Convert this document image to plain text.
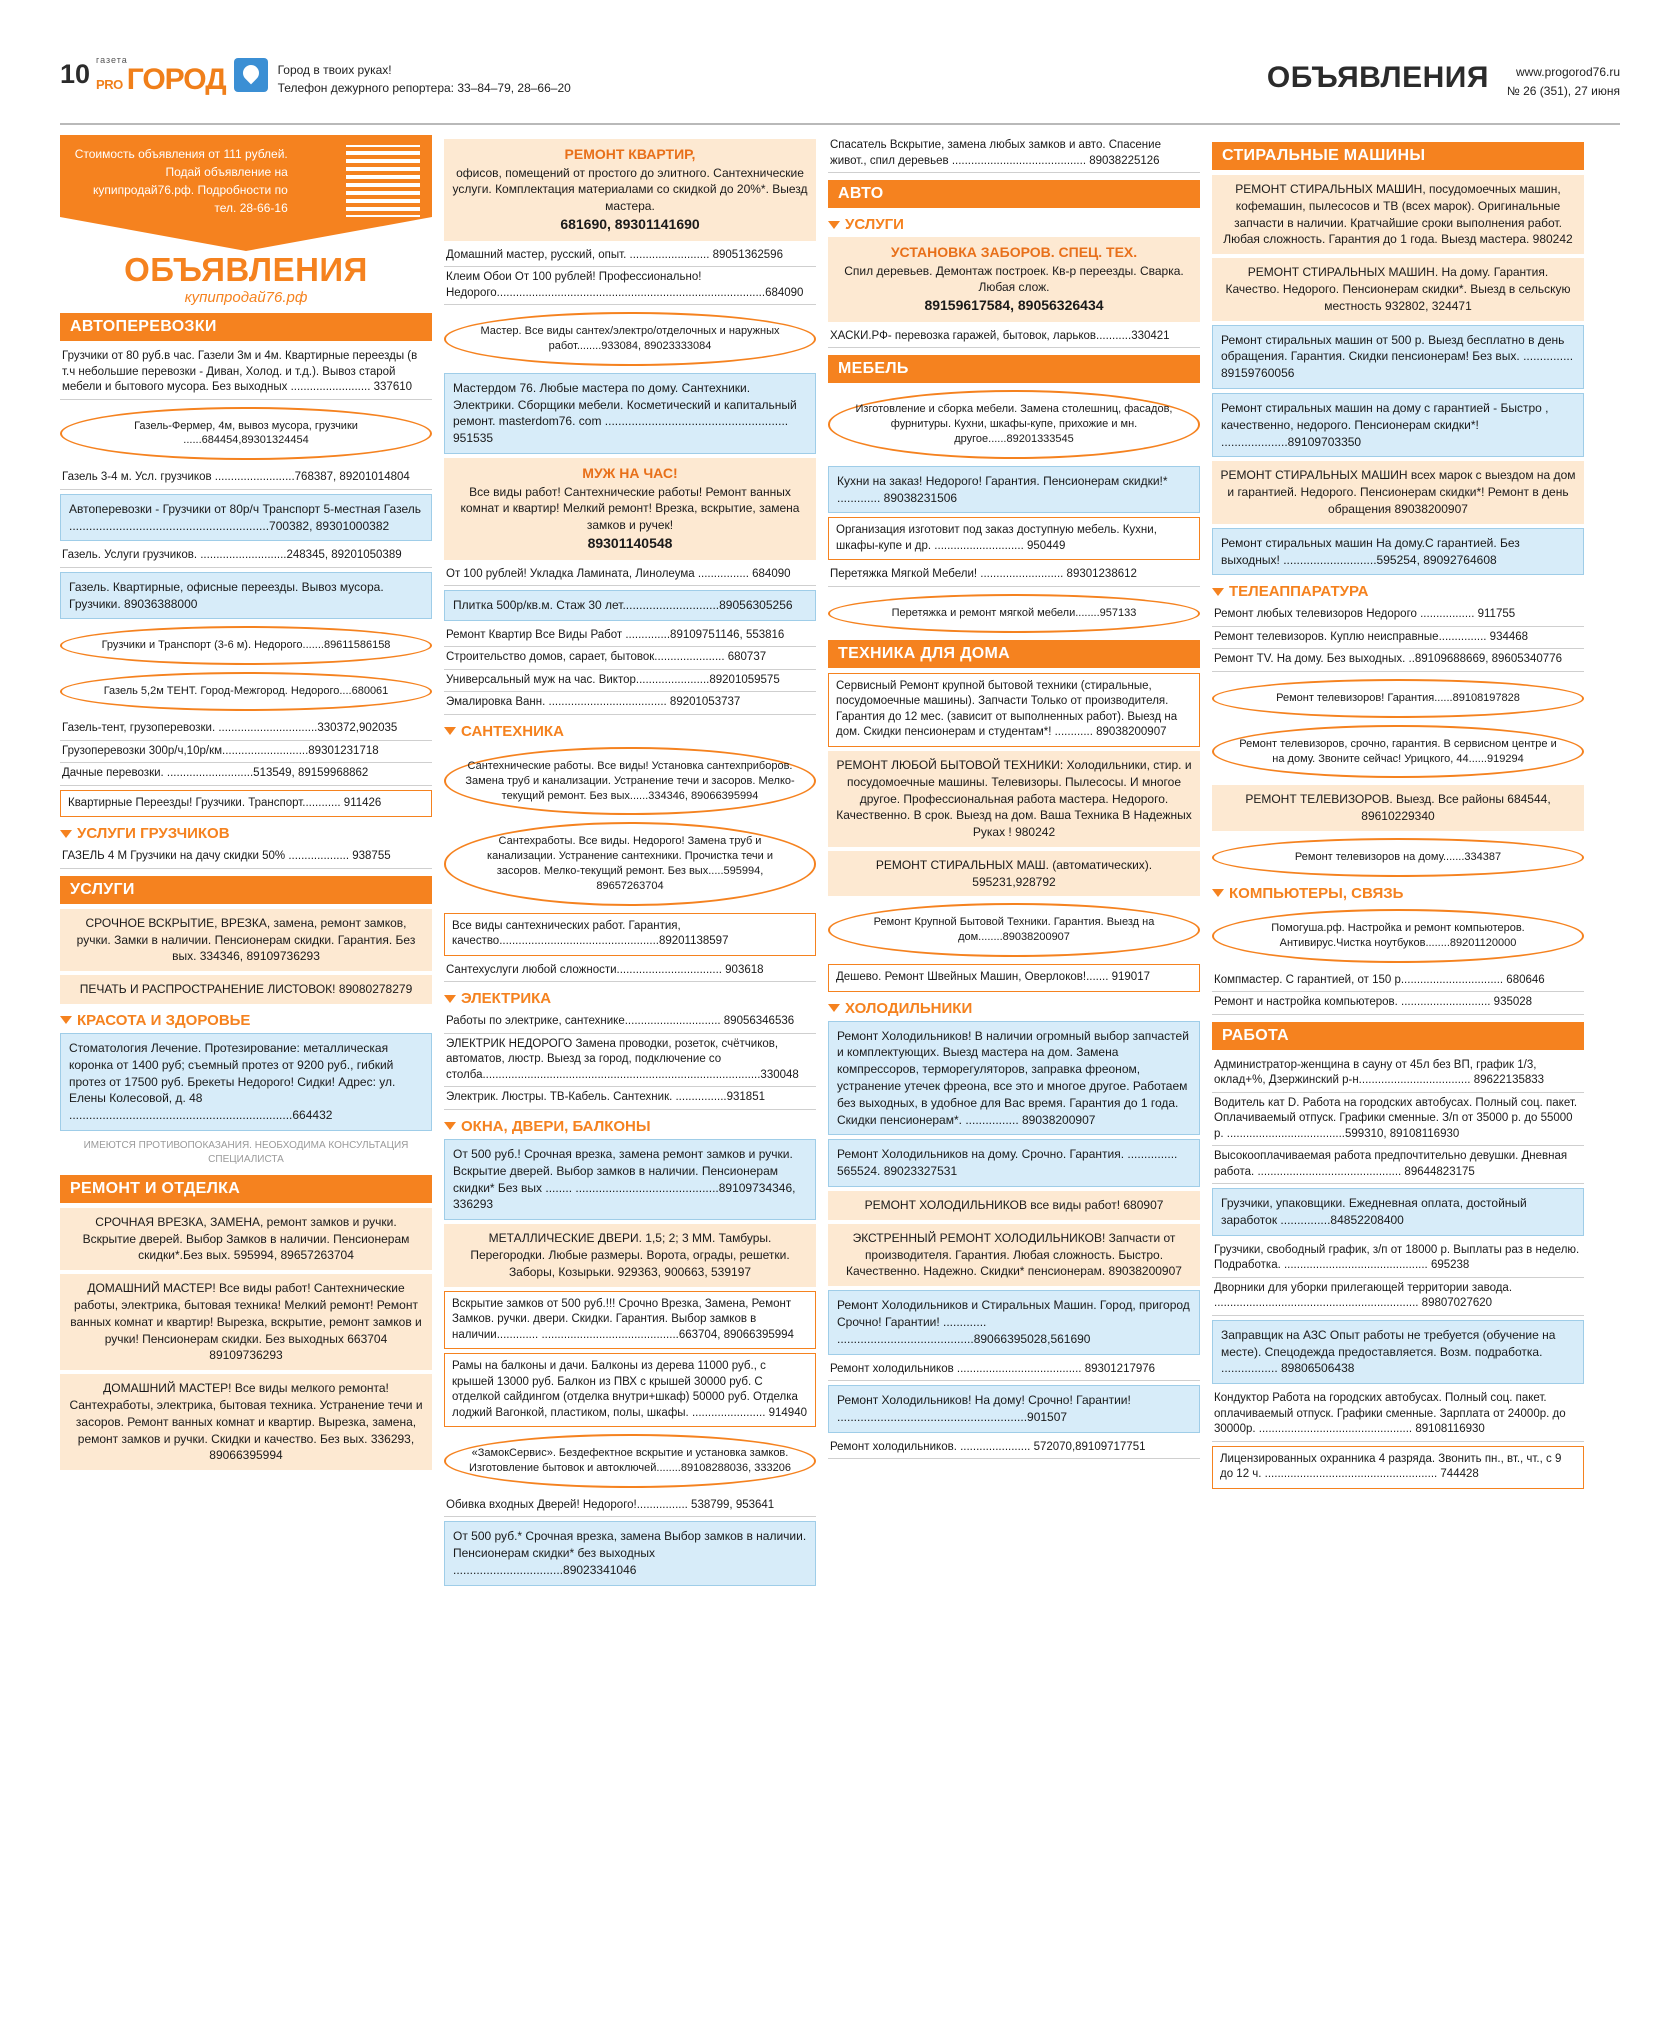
10 газета
PRO ГОРОД	Город в твоих руках!
Телефон дежурного репортера: 33–84–79, 28–66–20	ОБЪЯВЛЕНИЯ	www.progorod76.ru
№ 26 (351), 27 июня
Стоимость объявления от 111 рублей. Подай объявление на купипродай76.рф. Подробности по тел. 28-66-16
ОБЪЯВЛЕНИЯ
купипродай76.рф
АВТОПЕРЕВОЗКИ
Грузчики от 80 руб.в час. Газели 3м и 4м. Квартирные переезды (в т.ч небольшие перевозки - Диван, Холод. и т.д.). Вывоз старой мебели и бытового мусора. Без выходных ......................... 337610
Газель-Фермер, 4м, вывоз мусора, грузчики ......684454,89301324454
Газель 3-4 м. Усл. грузчиков .........................768387, 89201014804
Автоперевозки - Грузчики от 80р/ч Транспорт 5-местная Газель ............................................................700382, 89301000382
Газель. Услуги грузчиков. ...........................248345, 89201050389
Газель. Квартирные, офисные переезды. Вывоз мусора. Грузчики. 89036388000
Грузчики и Транспорт (3-6 м). Недорого.......89611586158
Газель 5,2м ТЕНТ. Город-Межгород. Недорого....680061
Газель-тент, грузоперевозки. ...............................330372,902035
Грузоперевозки 300р/ч,10р/км...........................89301231718
Дачные перевозки. ...........................513549, 89159968862
Квартирные Переезды! Грузчики. Транспорт............ 911426
УСЛУГИ ГРУЗЧИКОВ
ГАЗЕЛЬ 4 М Грузчики на дачу скидки 50% ................... 938755
УСЛУГИ
СРОЧНОЕ ВСКРЫТИЕ, ВРЕЗКА, замена, ремонт замков, ручки. Замки в наличии. Пенсионерам скидки. Гарантия. Без вых. 334346, 89109736293
ПЕЧАТЬ И РАСПРОСТРАНЕНИЕ ЛИСТОВОК! 89080278279
КРАСОТА И ЗДОРОВЬЕ
Стоматология Лечение. Протезирование: металлическая коронка от 1400 руб; съемный протез от 9200 руб., гибкий протез от 17500 руб. Брекеты Недорого! Сидки! Адрес: ул. Елены Колесовой, д. 48 ...................................................................664432
ИМЕЮТСЯ ПРОТИВОПОКАЗАНИЯ. НЕОБХОДИМА КОНСУЛЬТАЦИЯ СПЕЦИАЛИСТА
РЕМОНТ И ОТДЕЛКА
СРОЧНАЯ ВРЕЗКА, ЗАМЕНА, ремонт замков и ручки. Вскрытие дверей. Выбор Замков в наличии. Пенсионерам скидки*.Без вых. 595994, 89657263704
ДОМАШНИЙ МАСТЕР! Все виды работ! Сантехнические работы, электрика, бытовая техника! Мелкий ремонт! Ремонт ванных комнат и квартир! Вырезка, вскрытие, ремонт замков и ручки! Пенсионерам скидки. Без выходных 663704 89109736293
ДОМАШНИЙ МАСТЕР! Все виды мелкого ремонта! Сантехработы, электрика, бытовая техника. Устранение течи и засоров. Ремонт ванных комнат и квартир. Вырезка, замена, ремонт замков и ручки. Скидки и качество. Без вых. 336293, 89066395994
РЕМОНТ КВАРТИР,
офисов, помещений от простого до элитного. Сантехнические услуги. Комплектация материалами со скидкой до 20%*. Выезд мастера.
681690, 89301141690
Домашний мастер, русский, опыт. ......................... 89051362596
Клеим Обои От 100 рублей! Профессионально! Недорого....................................................................................684090
Мастер. Все виды сантех/электро/отделочных и наружных работ........933084, 89023333084
Мастердом 76. Любые мастера по дому. Сантехники. Электрики. Сборщики мебели. Косметический и капитальный ремонт. masterdom76. com ....................................................... 951535
МУЖ НА ЧАС!
Все виды работ! Сантехнические работы! Ремонт ванных комнат и квартир! Мелкий ремонт! Врезка, вскрытие, замена замков и ручек!
89301140548
От 100 рублей! Укладка Ламината, Линолеума ................ 684090
Плитка 500р/кв.м. Стаж 30 лет.............................89056305256
Ремонт Квартир Все Виды Работ ..............89109751146, 553816
Строительство домов, сарает, бытовок...................... 680737
Универсальный муж на час. Виктор.......................89201059575
Эмалировка Ванн. ..................................... 89201053737
САНТЕХНИКА
Сантехнические работы. Все виды! Установка сантехприборов. Замена труб и канализации. Устранение течи и засоров. Мелко-текущий ремонт. Без вых......334346, 89066395994
Сантехработы. Все виды. Недорого! Замена труб и канализации. Устранение сантехники. Прочистка течи и засоров. Мелко-текущий ремонт. Без вых.....595994, 89657263704
Все виды сантехнических работ. Гарантия, качество..................................................89201138597
Сантехуслуги любой сложности................................. 903618
ЭЛЕКТРИКА
Работы по электрике, сантехнике.............................. 89056346536
ЭЛЕКТРИК НЕДОРОГО Замена проводки, розеток, счётчиков, автоматов, люстр. Выезд за город, подключение со столба.......................................................................................330048
Электрик. Люстры. ТВ-Кабель. Сантехник. ................931851
ОКНА, ДВЕРИ, БАЛКОНЫ
От 500 руб.! Срочная врезка, замена ремонт замков и ручки. Вскрытие дверей. Выбор замков в наличии. Пенсионерам скидки* Без вых ........ ...........................................89109734346, 336293
МЕТАЛЛИЧЕСКИЕ ДВЕРИ. 1,5; 2; 3 ММ. Тамбуры. Перегородки. Любые размеры. Ворота, ограды, решетки. Заборы, Козырьки. 929363, 900663, 539197
Вскрытие замков от 500 руб.!!! Срочно Врезка, Замена, Ремонт Замков. ручки. двери. Скидки. Гарантия. Выбор замков в наличии............. ...........................................663704, 89066395994
Рамы на балконы и дачи. Балконы из дерева 11000 руб., с крышей 13000 руб. Балкон из ПВХ с крышей 30000 руб. С отделкой сайдингом (отделка внутри+шкаф) 50000 руб. Отделка лоджий Вагонкой, пластиком, полы, шкафы. ....................... 914940
«ЗамокСервис». Бездефектное вскрытие и установка замков. Изготовление бытовок и автоключей........89108288036, 333206
Обивка входных Дверей! Недорого!................ 538799, 953641
От 500 руб.* Срочная врезка, замена Выбор замков в наличии. Пенсионерам скидки* без выходных .................................89023341046
Спасатель Вскрытие, замена любых замков и авто. Спасение живот., спил деревьев .......................................... 89038225126
АВТО
УСЛУГИ
УСТАНОВКА ЗАБОРОВ. СПЕЦ. ТЕХ.
Спил деревьев. Демонтаж построек. Кв-р переезды. Сварка. Любая слож.
89159617584, 89056326434
ХАСКИ.РФ- перевозка гаражей, бытовок, ларьков...........330421
МЕБЕЛЬ
Изготовление и сборка мебели. Замена столешниц, фасадов, фурнитуры. Кухни, шкафы-купе, прихожие и мн. другое......89201333545
Кухни на заказ! Недорого! Гарантия. Пенсионерам скидки!* ............. 89038231506
Организация изготовит под заказ доступную мебель. Кухни, шкафы-купе и др. ............................ 950449
Перетяжка Мягкой Мебели! .......................... 89301238612
Перетяжка и ремонт мягкой мебели........957133
ТЕХНИКА ДЛЯ ДОМА
Сервисный Ремонт крупной бытовой техники (стиральные, посудомоечные машины). Запчасти Только от производителя. Гарантия до 12 мес. (зависит от выполненных работ). Выезд на дом. Скидки пенсионерам и студентам*! ............ 89038200907
РЕМОНТ ЛЮБОЙ БЫТОВОЙ ТЕХНИКИ: Холодильники, стир. и посудомоечные машины. Телевизоры. Пылесосы. И многое другое. Профессиональная работа мастера. Недорого. Качественно. В срок. Выезд на дом. Ваша Техника В Надежных Руках ! 980242
РЕМОНТ СТИРАЛЬНЫХ МАШ. (автоматических). 595231,928792
Ремонт Крупной Бытовой Техники. Гарантия. Выезд на дом........89038200907
Дешево. Ремонт Швейных Машин, Оверлоков!....... 919017
ХОЛОДИЛЬНИКИ
Ремонт Холодильников! В наличии огромный выбор запчастей и комплектующих. Выезд мастера на дом. Замена компрессоров, терморегуляторов, заправка фреоном, устранение утечек фреона, все это и многое другое. Работаем без выходных, в удобное для Вас время. Гарантия до 1 года. Скидки пенсионерам*. ................ 89038200907
Ремонт Холодильников на дому. Срочно. Гарантия. ............... 565524. 89023327531
РЕМОНТ ХОЛОДИЛЬНИКОВ все виды работ! 680907
ЭКСТРЕННЫЙ РЕМОНТ ХОЛОДИЛЬНИКОВ! Запчасти от производителя. Гарантия. Любая сложность. Быстро. Качественно. Надежно. Скидки* пенсионерам. 89038200907
Ремонт Холодильников и Стиральных Машин. Город, пригород Срочно! Гарантии! ............. .........................................89066395028,561690
Ремонт холодильников ....................................... 89301217976
Ремонт Холодильников! На дому! Срочно! Гарантии! .........................................................901507
Ремонт холодильников. ...................... 572070,89109717751
СТИРАЛЬНЫЕ МАШИНЫ
РЕМОНТ СТИРАЛЬНЫХ МАШИН, посудомоечных машин, кофемашин, пылесосов и ТВ (всех марок). Оригинальные запчасти в наличии. Кратчайшие сроки выполнения работ. Любая сложность. Гарантия до 1 года. Выезд мастера. 980242
РЕМОНТ СТИРАЛЬНЫХ МАШИН. На дому. Гарантия. Качество. Недорого. Пенсионерам скидки*. Выезд в сельскую местность 932802, 324471
Ремонт стиральных машин от 500 р. Выезд бесплатно в день обращения. Гарантия. Скидки пенсионерам! Без вых. ............... 89159760056
Ремонт стиральных машин на дому с гарантией - Быстро , качественно, недорого. Пенсионерам скидки*! ....................89109703350
РЕМОНТ СТИРАЛЬНЫХ МАШИН всех марок с выездом на дом и гарантией. Недорого. Пенсионерам скидки*! Ремонт в день обращения 89038200907
Ремонт стиральных машин На дому.С гарантией. Без выходных! ............................595254, 89092764608
ТЕЛЕАППАРАТУРА
Ремонт любых телевизоров Недорого ................. 911755
Ремонт телевизоров. Куплю неисправные............... 934468
Ремонт TV. На дому. Без выходных. ..89109688669, 89605340776
Ремонт телевизоров! Гарантия......89108197828
Ремонт телевизоров, срочно, гарантия. В сервисном центре и на дому. Звоните сейчас! Урицкого, 44......919294
РЕМОНТ ТЕЛЕВИЗОРОВ. Выезд. Все районы 684544, 89610229340
Ремонт телевизоров на дому.......334387
КОМПЬЮТЕРЫ, СВЯЗЬ
Помогуша.рф. Настройка и ремонт компьютеров. Антивирус.Чистка ноутбуков........89201120000
Компмастер. С гарантией, от 150 р................................ 680646
Ремонт и настройка компьютеров. ............................ 935028
РАБОТА
Администратор-женщина в сауну от 45л без ВП, график 1/3, оклад+%, Дзержинский р-н................................... 89622135833
Водитель кат D. Работа на городских автобусах. Полный соц. пакет. Оплачиваемый отпуск. Графики сменные. З/п от 35000 р. до 55000 р. .....................................599310, 89108116930
Высокооплачиваемая работа предпочтительно девушки. Дневная работа. ............................................. 89644823175
Грузчики, упаковщики. Ежедневная оплата, достойный заработок ...............84852208400
Грузчики, свободный график, з/п от 18000 р. Выплаты раз в неделю. Подработка. ............................................. 695238
Дворники для уборки прилегающей территории завода. ................................................................ 89807027620
Заправщик на АЗС Опыт работы не требуется (обучение на месте). Спецодежда предоставляется. Возм. подработка. ................. 89806506438
Кондуктор Работа на городских автобусах. Полный соц. пакет. оплачиваемый отпуск. Графики сменные. Зарплата от 24000р. до 30000р. ................................................ 89108116930
Лицензированных охранника 4 разряда. Звонить пн., вт., чт., с 9 до 12 ч. ...................................................... 744428
